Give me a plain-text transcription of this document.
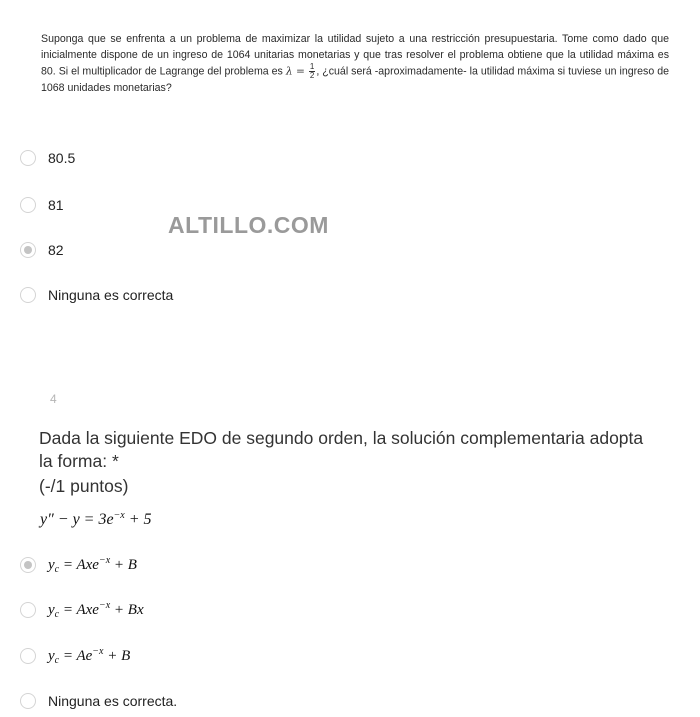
Suponga que se enfrenta a un problema de maximizar la utilidad sujeto a una restricción presupuestaria. Tome como dado que inicialmente dispone de un ingreso de 1064 unitarias monetarias y que tras resolver el problema obtiene que la utilidad máxima es 80. Si el multiplicador de Lagrange del problema es $\lambda = \frac{1}{2}$ , ¿cuál será -aproximadamente- la utilidad máxima si tuviese un ingreso de 1068 unidades monetarias?
80.5
81
82
Ninguna es correcta
ALTILLO.COM
4
Dada la siguiente EDO de segundo orden, la solución complementaria adopta la forma: *
(-/1 puntos)
$y'' - y = 3e^{-x} + 5$
$y_c = Axe^{-x} + B$
$y_c = Axe^{-x} + Bx$
$y_c = Ae^{-x} + B$
Ninguna es correcta.
